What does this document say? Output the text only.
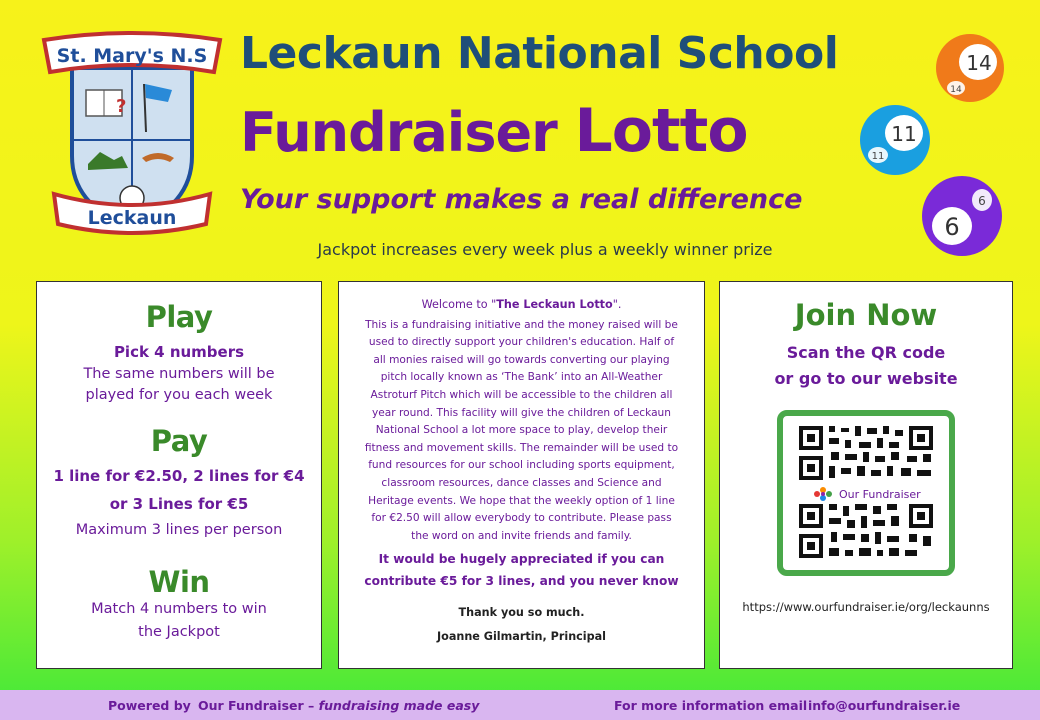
?
St. Mary's N.S
Leckaun
Leckaun National School
Fundraiser Lotto
Your support makes a real difference
Jackpot increases every week plus a weekly winner prize
14
14
11
11
6
6
Play
Pick 4 numbers
The same numbers will be
played for you each week
Pay
1 line for €2.50, 2 lines for €4
or 3 Lines for €5
Maximum 3 lines per person
Win
Match 4 numbers to win
the Jackpot
Welcome to "The Leckaun Lotto".
This is a fundraising initiative and the money raised will be
used to directly support your children's education. Half of
all monies raised will go towards converting our playing
pitch locally known as ‘The Bank’ into an All-Weather
Astroturf Pitch which will be accessible to the children all
year round. This facility will give the children of Leckaun
National School a lot more space to play, develop their
fitness and movement skills. The remainder will be used to
fund resources for our school including sports equipment,
classroom resources, dance classes and Science and
Heritage events. We hope that the weekly option of 1 line
for €2.50 will allow everybody to contribute. Please pass
the word on and invite friends and family.
It would be hugely appreciated if you can
contribute €5 for 3 lines, and you never know
Thank you so much.
Joanne Gilmartin, Principal
Join Now
Scan the QR code
or go to our website
Our Fundraiser
https://www.ourfundraiser.ie/org/leckaunns
Powered by Our Fundraiser – fundraising made easy	For more information email info@ourfundraiser.ie
